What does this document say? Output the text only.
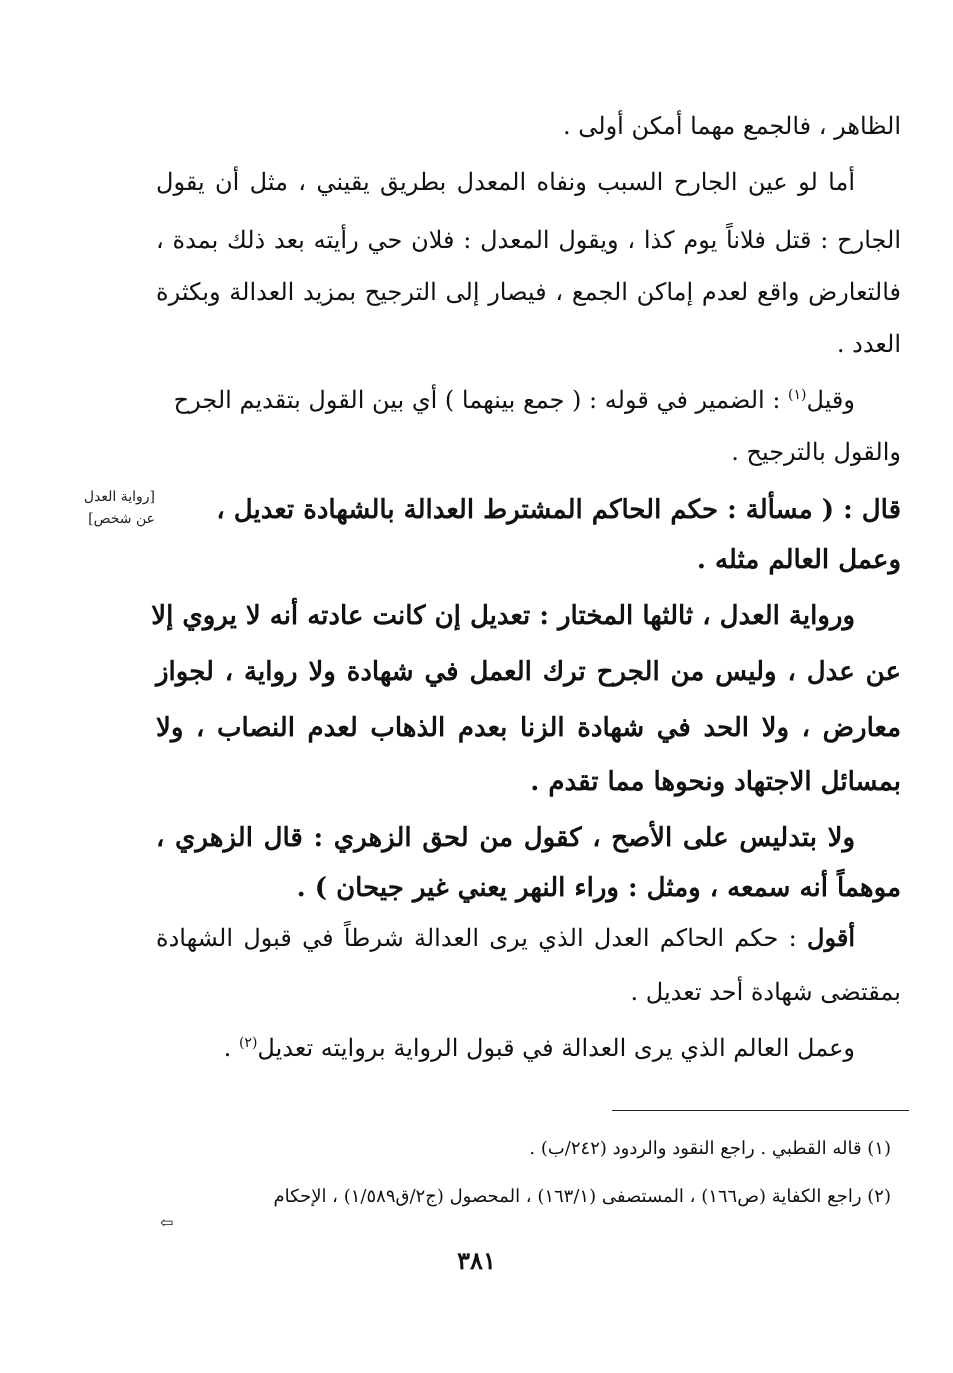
الظاهر ، فالجمع مهما أمكن أولى .
أما لو عين الجارح السبب ونفاه المعدل بطريق يقيني ، مثل أن يقول
الجارح : قتل فلاناً يوم كذا ، ويقول المعدل : فلان حي رأيته بعد ذلك بمدة ،
فالتعارض واقع لعدم إماكن الجمع ، فيصار إلى الترجيح بمزيد العدالة وبكثرة
العدد .
وقيل$^{(١)}$ : الضمير في قوله : ( جمع بينهما ) أي بين القول بتقديم الجرح
والقول بالترجيح .
قال : ( مسألة : حكم الحاكم المشترط العدالة بالشهادة تعديل ،
[رواية العدل
عن شخص]
وعمل العالم مثله .
ورواية العدل ، ثالثها المختار : تعديل إن كانت عادته أنه لا يروي إلا
عن عدل ، وليس من الجرح ترك العمل في شهادة ولا رواية ، لجواز
معارض ، ولا الحد في شهادة الزنا بعدم الذهاب لعدم النصاب ، ولا
بمسائل الاجتهاد ونحوها مما تقدم .
ولا بتدليس على الأصح ، كقول من لحق الزهري : قال الزهري ،
موهماً أنه سمعه ، ومثل : وراء النهر يعني غير جيحان ) .
أقول : حكم الحاكم العدل الذي يرى العدالة شرطاً في قبول الشهادة
بمقتضى شهادة أحد تعديل .
وعمل العالم الذي يرى العدالة في قبول الرواية بروايته تعديل$^{(٢)}$ .
(١) قاله القطبي . راجع النقود والردود (٢٤٢/ب) .
(٢) راجع الكفاية (ص١٦٦) ، المستصفى (١٦٣/١) ، المحصول (ج٢/ق١/٥٨٩) ، الإحكام
⇦
٣٨١
